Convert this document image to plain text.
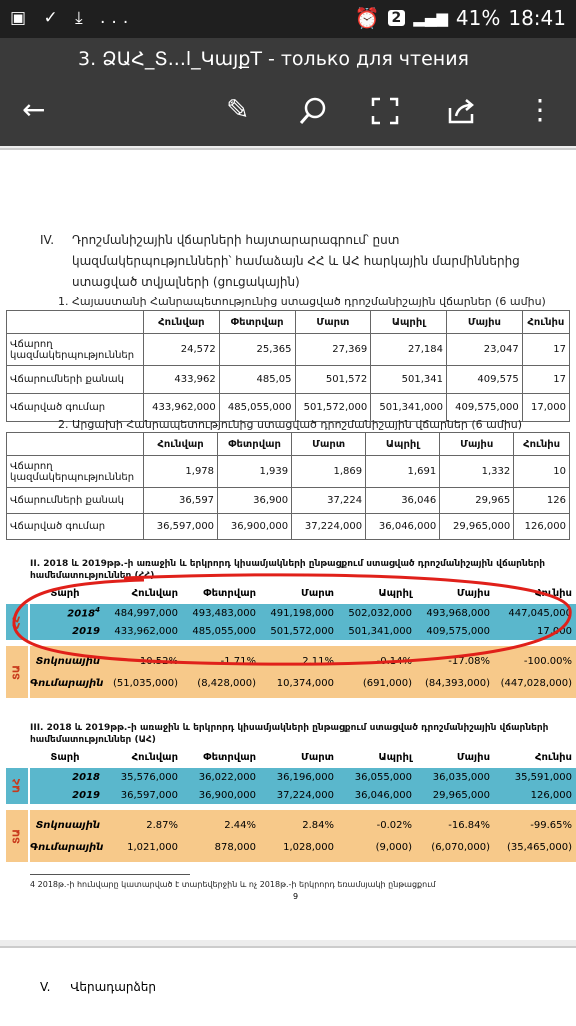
▣ ✓ ⤓ ...	⏰ 2 ▂▄▆ 41% 18:41
3. ՁԱՀ_Տ...l_ԿայքТ - только для чтения
←	✎	⋮
IV. Դրոշմանիշային վճարների հայտարարագրում՝ ըստ կազմակերպությունների՝ համաձայն ՀՀ և ԱՀ հարկային մարմիններից ստացված տվյալների (ցուցակային)
1. Հայաստանի Հանրապետությունից ստացված դրոշմանիշային վճարներ (6 ամիս)
	Հունվար	Փետրվար	Մարտ	Ապրիլ	Մայիս	Հունիս
Վճարող կազմակերպություններ	24,572	25,365	27,369	27,184	23,047	17
Վճարումների քանակ	433,962	485,05	501,572	501,341	409,575	17
Վճարված գումար	433,962,000	485,055,000	501,572,000	501,341,000	409,575,000	17,000
2. Արցախի Հանրապետությունից ստացված դրոշմանիշային վճարներ (6 ամիս)
	Հունվար	Փետրվար	Մարտ	Ապրիլ	Մայիս	Հունիս
Վճարող կազմակերպություններ	1,978	1,939	1,869	1,691	1,332	10
Վճարումների քանակ	36,597	36,900	37,224	36,046	29,965	126
Վճարված գումար	36,597,000	36,900,000	37,224,000	36,046,000	29,965,000	126,000
II. 2018 և 2019թթ.-ի առաջին և երկրորդ կիսամյակների ընթացքում ստացված դրոշմանիշային վճարների համեմատություններ (ՀՀ)
ՀՀ
ՏԱ
Տարի	Հունվար	Փետրվար	Մարտ	Ապրիլ	Մայիս	Հունիս
2018$^4$	484,997,000	493,483,000	491,198,000	502,032,000	493,968,000	447,045,000
2019	433,962,000	485,055,000	501,572,000	501,341,000	409,575,000	17,000
Տոկոսային	-10.52%	-1.71%	2.11%	-0.14%	-17.08%	-100.00%
Գումարային (51,035,000)	(8,428,000)	10,374,000	(691,000)	(84,393,000)	(447,028,000)
III. 2018 և 2019թթ.-ի առաջին և երկրորդ կիսամյակների ընթացքում ստացված դրոշմանիշային վճարների համեմատություններ (ԱՀ)
ԱՀ
ՏԱ
Տարի	Հունվար	Փետրվար	Մարտ	Ապրիլ	Մայիս	Հունիս
2018	35,576,000	36,022,000	36,196,000	36,055,000	36,035,000	35,591,000
2019	36,597,000	36,900,000	37,224,000	36,046,000	29,965,000	126,000
Տոկոսային	2.87%	2.44%	2.84%	-0.02%	-16.84%	-99.65%
Գումարային	1,021,000	878,000	1,028,000	(9,000)	(6,070,000)	(35,465,000)
4 2018թ.-ի հունվարը կատարված է տարեվերջին և ոչ 2018թ.-ի երկրորդ եռամսյակի ընթացքում
9
V. Վերադարձեր
